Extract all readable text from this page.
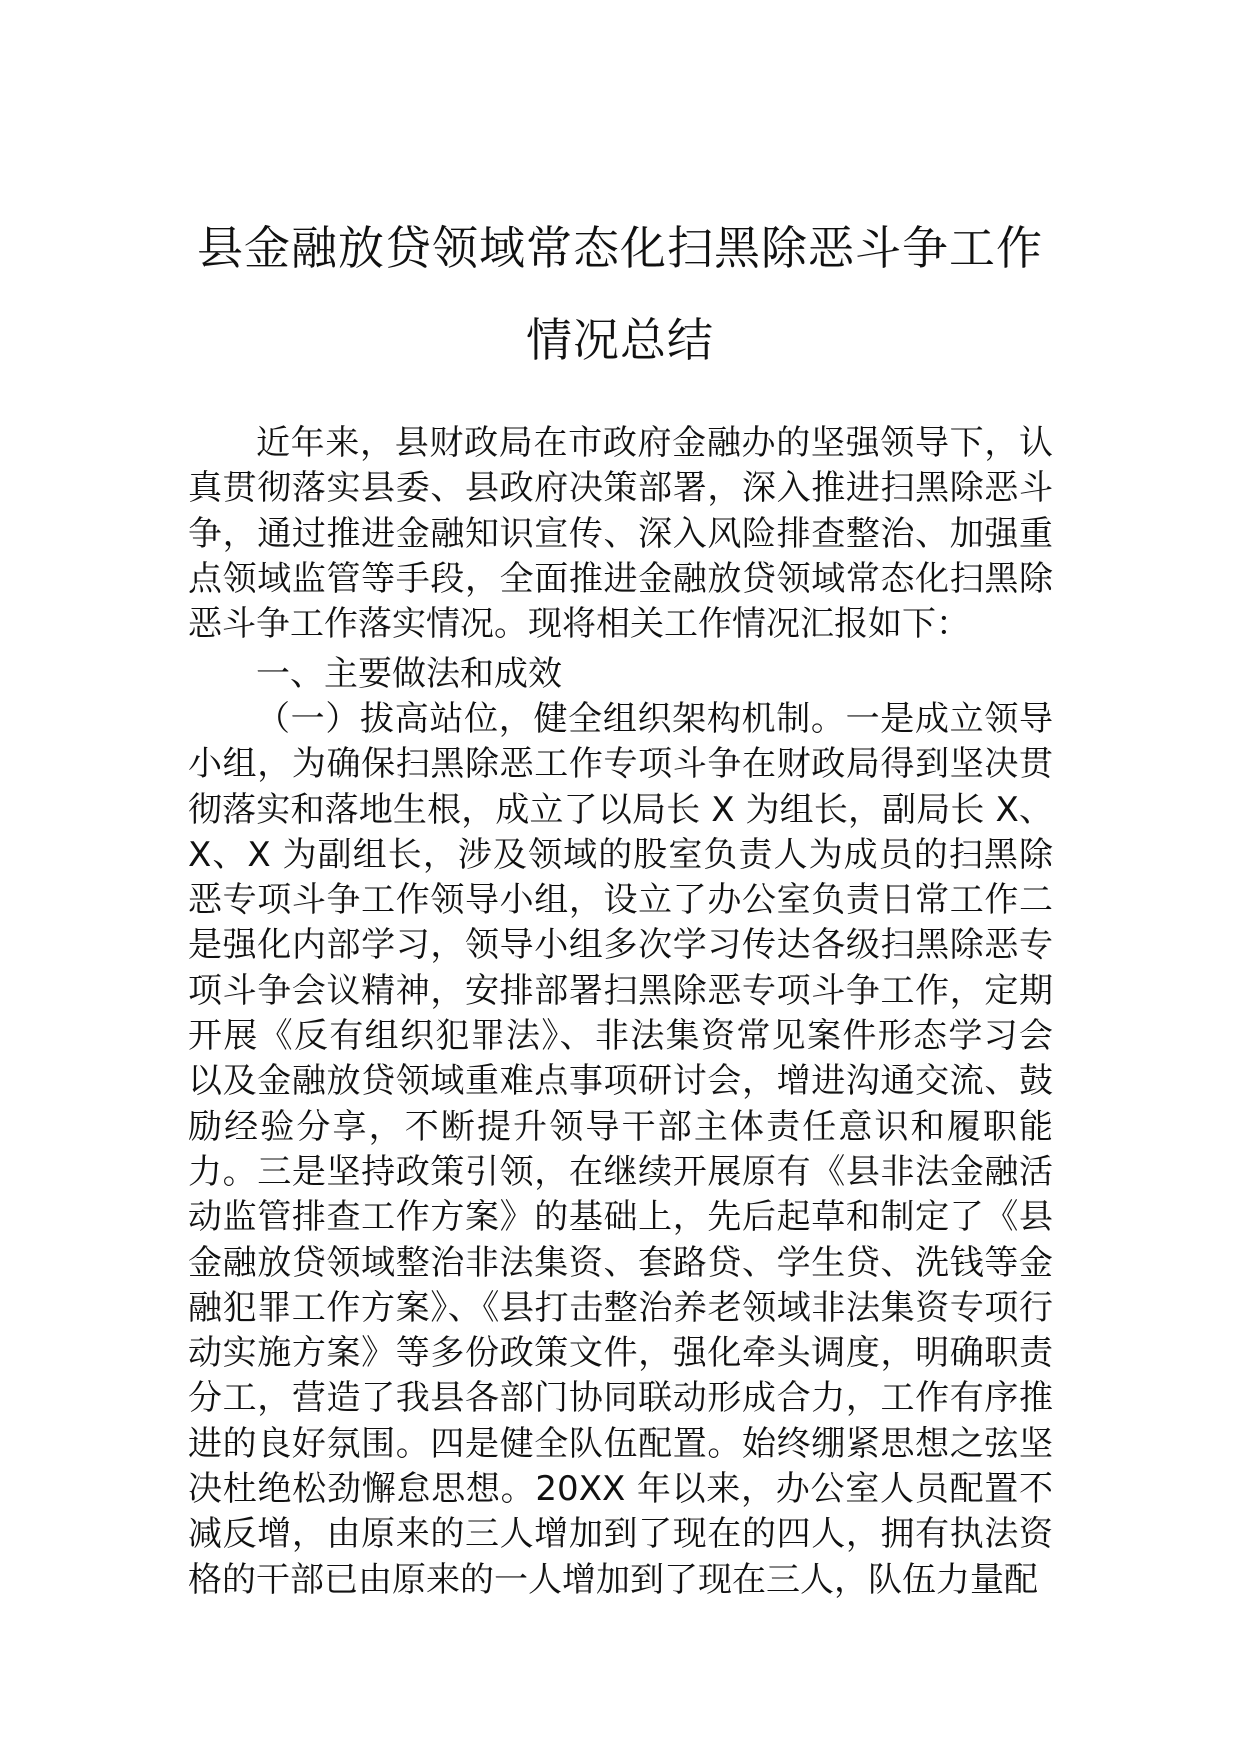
县金融放贷领域常态化扫黑除恶斗争工作
情况总结
近年来，县财政局在市政府金融办的坚强领导下，认真贯彻落实县委、县政府决策部署，深入推进扫黑除恶斗争，通过推进金融知识宣传、深入风险排查整治、加强重点领域监管等手段，全面推进金融放贷领域常态化扫黑除恶斗争工作落实情况。现将相关工作情况汇报如下：
一、主要做法和成效
（一）拔高站位，健全组织架构机制。一是成立领导小组，为确保扫黑除恶工作专项斗争在财政局得到坚决贯彻落实和落地生根，成立了以局长 X 为组长，副局长 X、X、X 为副组长，涉及领域的股室负责人为成员的扫黑除恶专项斗争工作领导小组，设立了办公室负责日常工作二是强化内部学习，领导小组多次学习传达各级扫黑除恶专项斗争会议精神，安排部署扫黑除恶专项斗争工作，定期开展《反有组织犯罪法》、非法集资常见案件形态学习会以及金融放贷领域重难点事项研讨会，增进沟通交流、鼓励经验分享，不断提升领导干部主体责任意识和履职能力。三是坚持政策引领，在继续开展原有《县非法金融活动监管排查工作方案》的基础上，先后起草和制定了《县金融放贷领域整治非法集资、套路贷、学生贷、洗钱等金融犯罪工作方案》、《县打击整治养老领域非法集资专项行动实施方案》等多份政策文件，强化牵头调度，明确职责分工，营造了我县各部门协同联动形成合力，工作有序推进的良好氛围。四是健全队伍配置。始终绷紧思想之弦坚决杜绝松劲懈怠思想。20XX 年以来，办公室人员配置不减反增，由原来的三人增加到了现在的四人，拥有执法资格的干部已由原来的一人增加到了现在三人，队伍力量配
